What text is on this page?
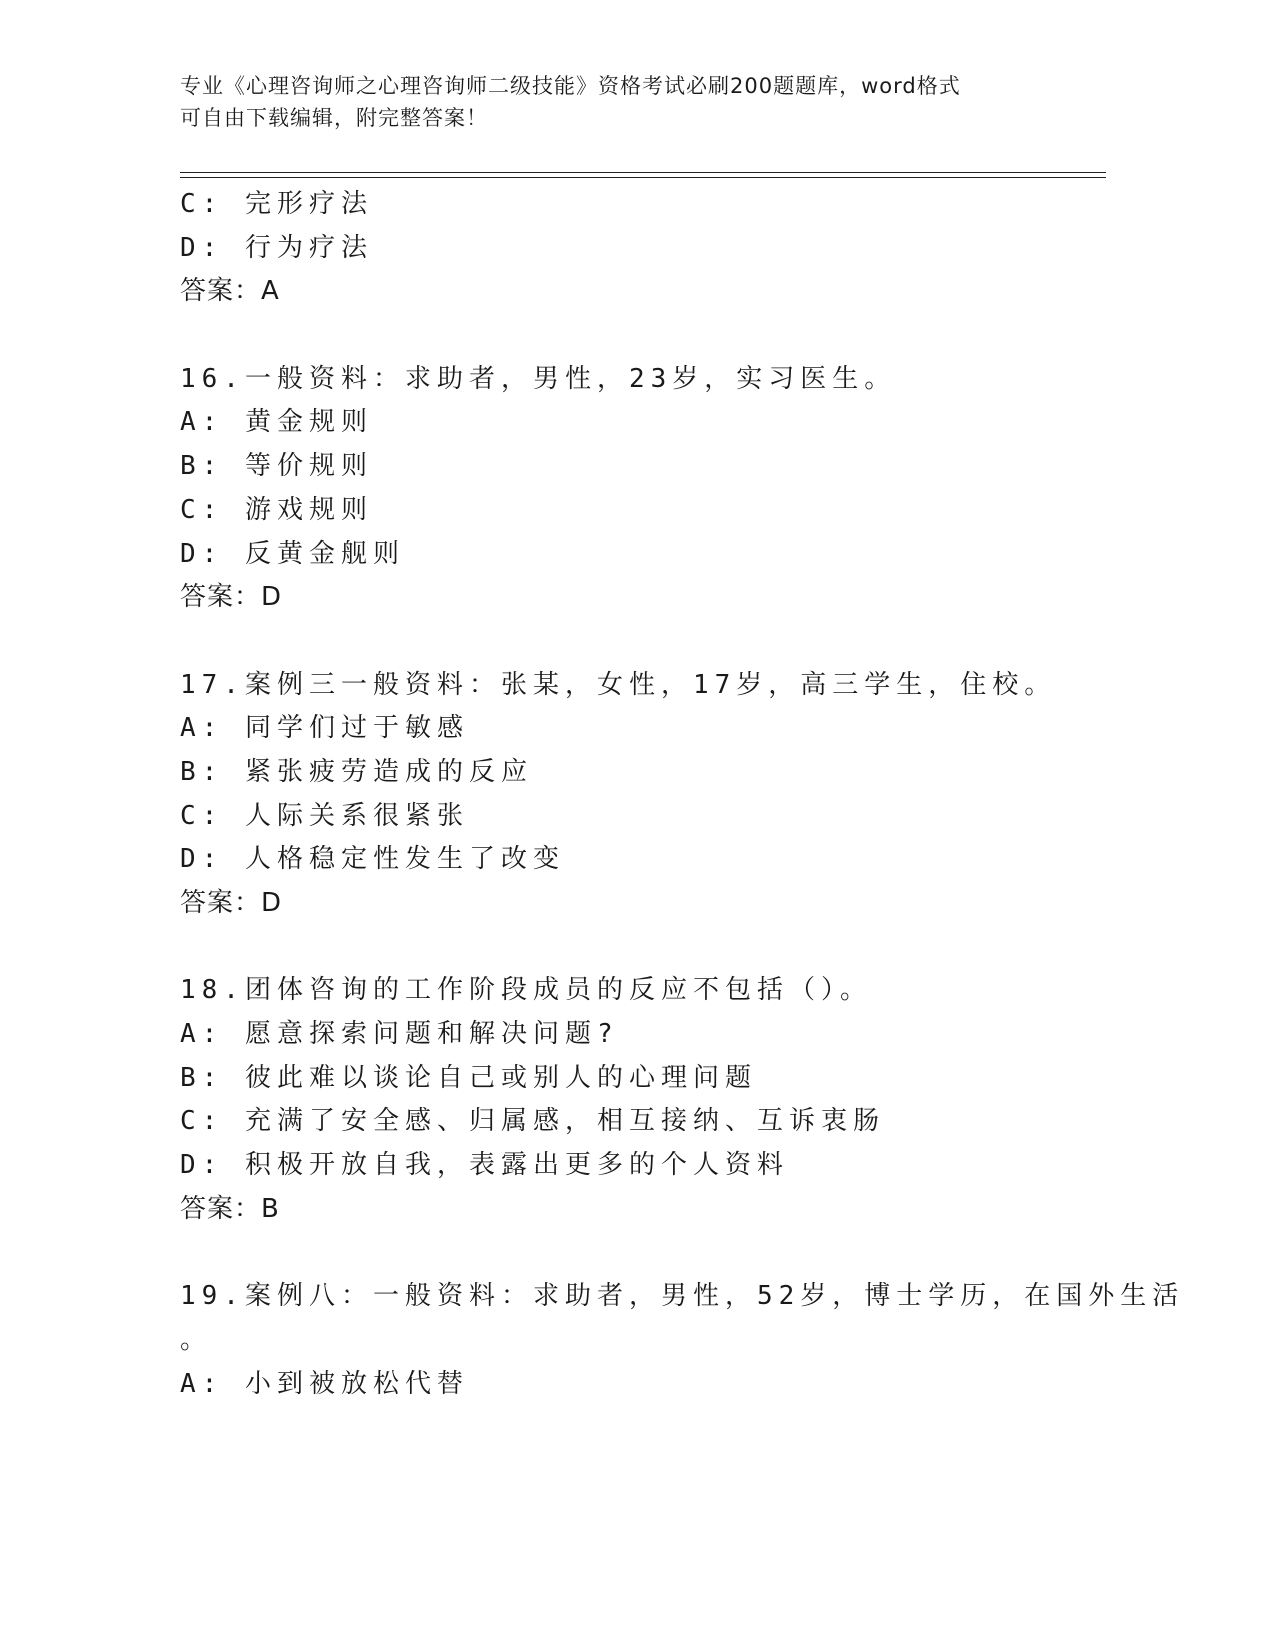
专业《心理咨询师之心理咨询师二级技能》资格考试必刷200题题库，word格式
可自由下载编辑，附完整答案！
C: 完形疗法
D: 行为疗法
答案：A
16.一般资料：求助者，男性，23岁，实习医生。
A: 黄金规则
B: 等价规则
C: 游戏规则
D: 反黄金舰则
答案：D
17.案例三一般资料：张某，女性，17岁，高三学生，住校。
A: 同学们过于敏感
B: 紧张疲劳造成的反应
C: 人际关系很紧张
D: 人格稳定性发生了改变
答案：D
18.团体咨询的工作阶段成员的反应不包括（）。
A: 愿意探索问题和解决问题?
B: 彼此难以谈论自己或别人的心理问题
C: 充满了安全感、归属感，相互接纳、互诉衷肠
D: 积极开放自我，表露出更多的个人资料
答案：B
19.案例八：一般资料：求助者，男性，52岁，博士学历，在国外生活
。
A: 小到被放松代替
